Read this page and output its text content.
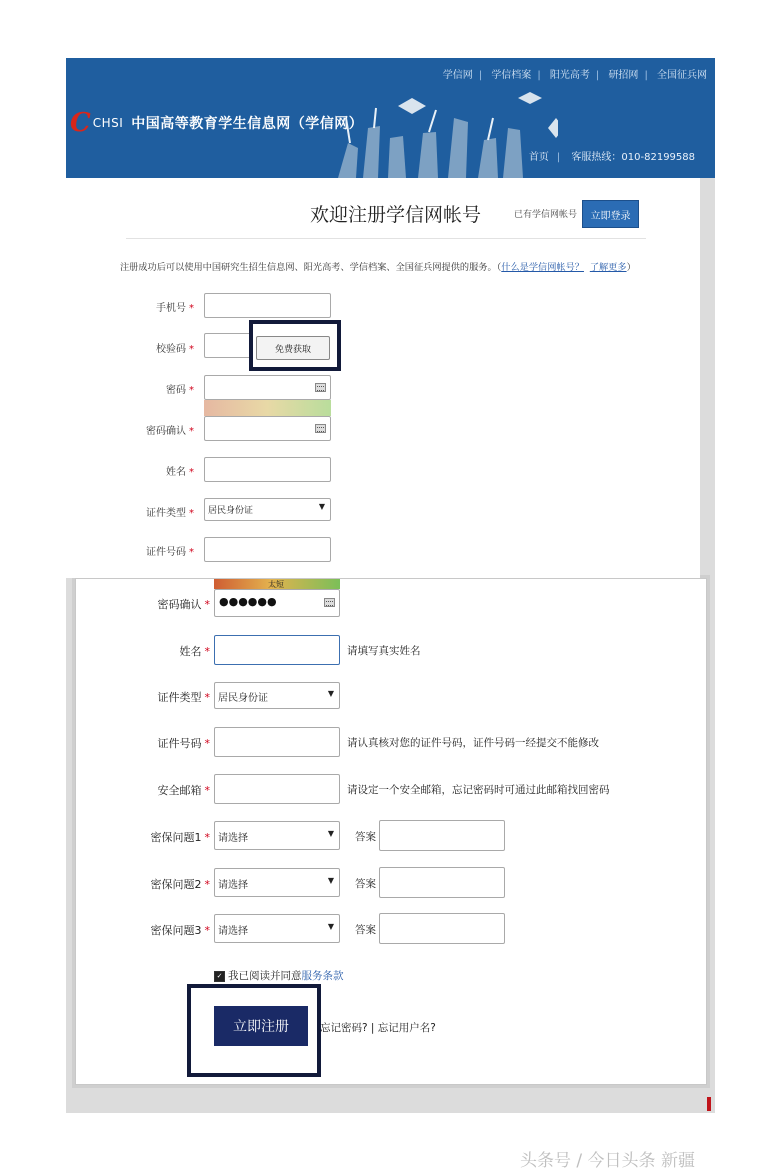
学信网 | 学信档案 | 阳光高考 | 研招网 | 全国征兵网
C CHSI 中国高等教育学生信息网（学信网）
首页 | 客服热线：010-82199588
欢迎注册学信网帐号	已有学信网帐号	立即登录
注册成功后可以使用中国研究生招生信息网、阳光高考、学信档案、全国征兵网提供的服务。（什么是学信网帐号？ 了解更多）
手机号 *
校验码 *	免费获取
密码 *
密码确认 *
姓名 *
证件类型 * 居民身份证	▼
证件号码 *
太短
密码确认 * ●●●●●●
姓名 *	请填写真实姓名
证件类型 * 居民身份证	▼
证件号码 *	请认真核对您的证件号码，证件号码一经提交不能修改
安全邮箱 *	请设定一个安全邮箱，忘记密码时可通过此邮箱找回密码
密保问题1 * 请选择	▼ 答案
密保问题2 * 请选择	▼ 答案
密保问题3 * 请选择	▼ 答案
✓ 我已阅读并同意服务条款
立即注册	忘记密码? | 忘记用户名?
头条号 / 今日头条 新疆
